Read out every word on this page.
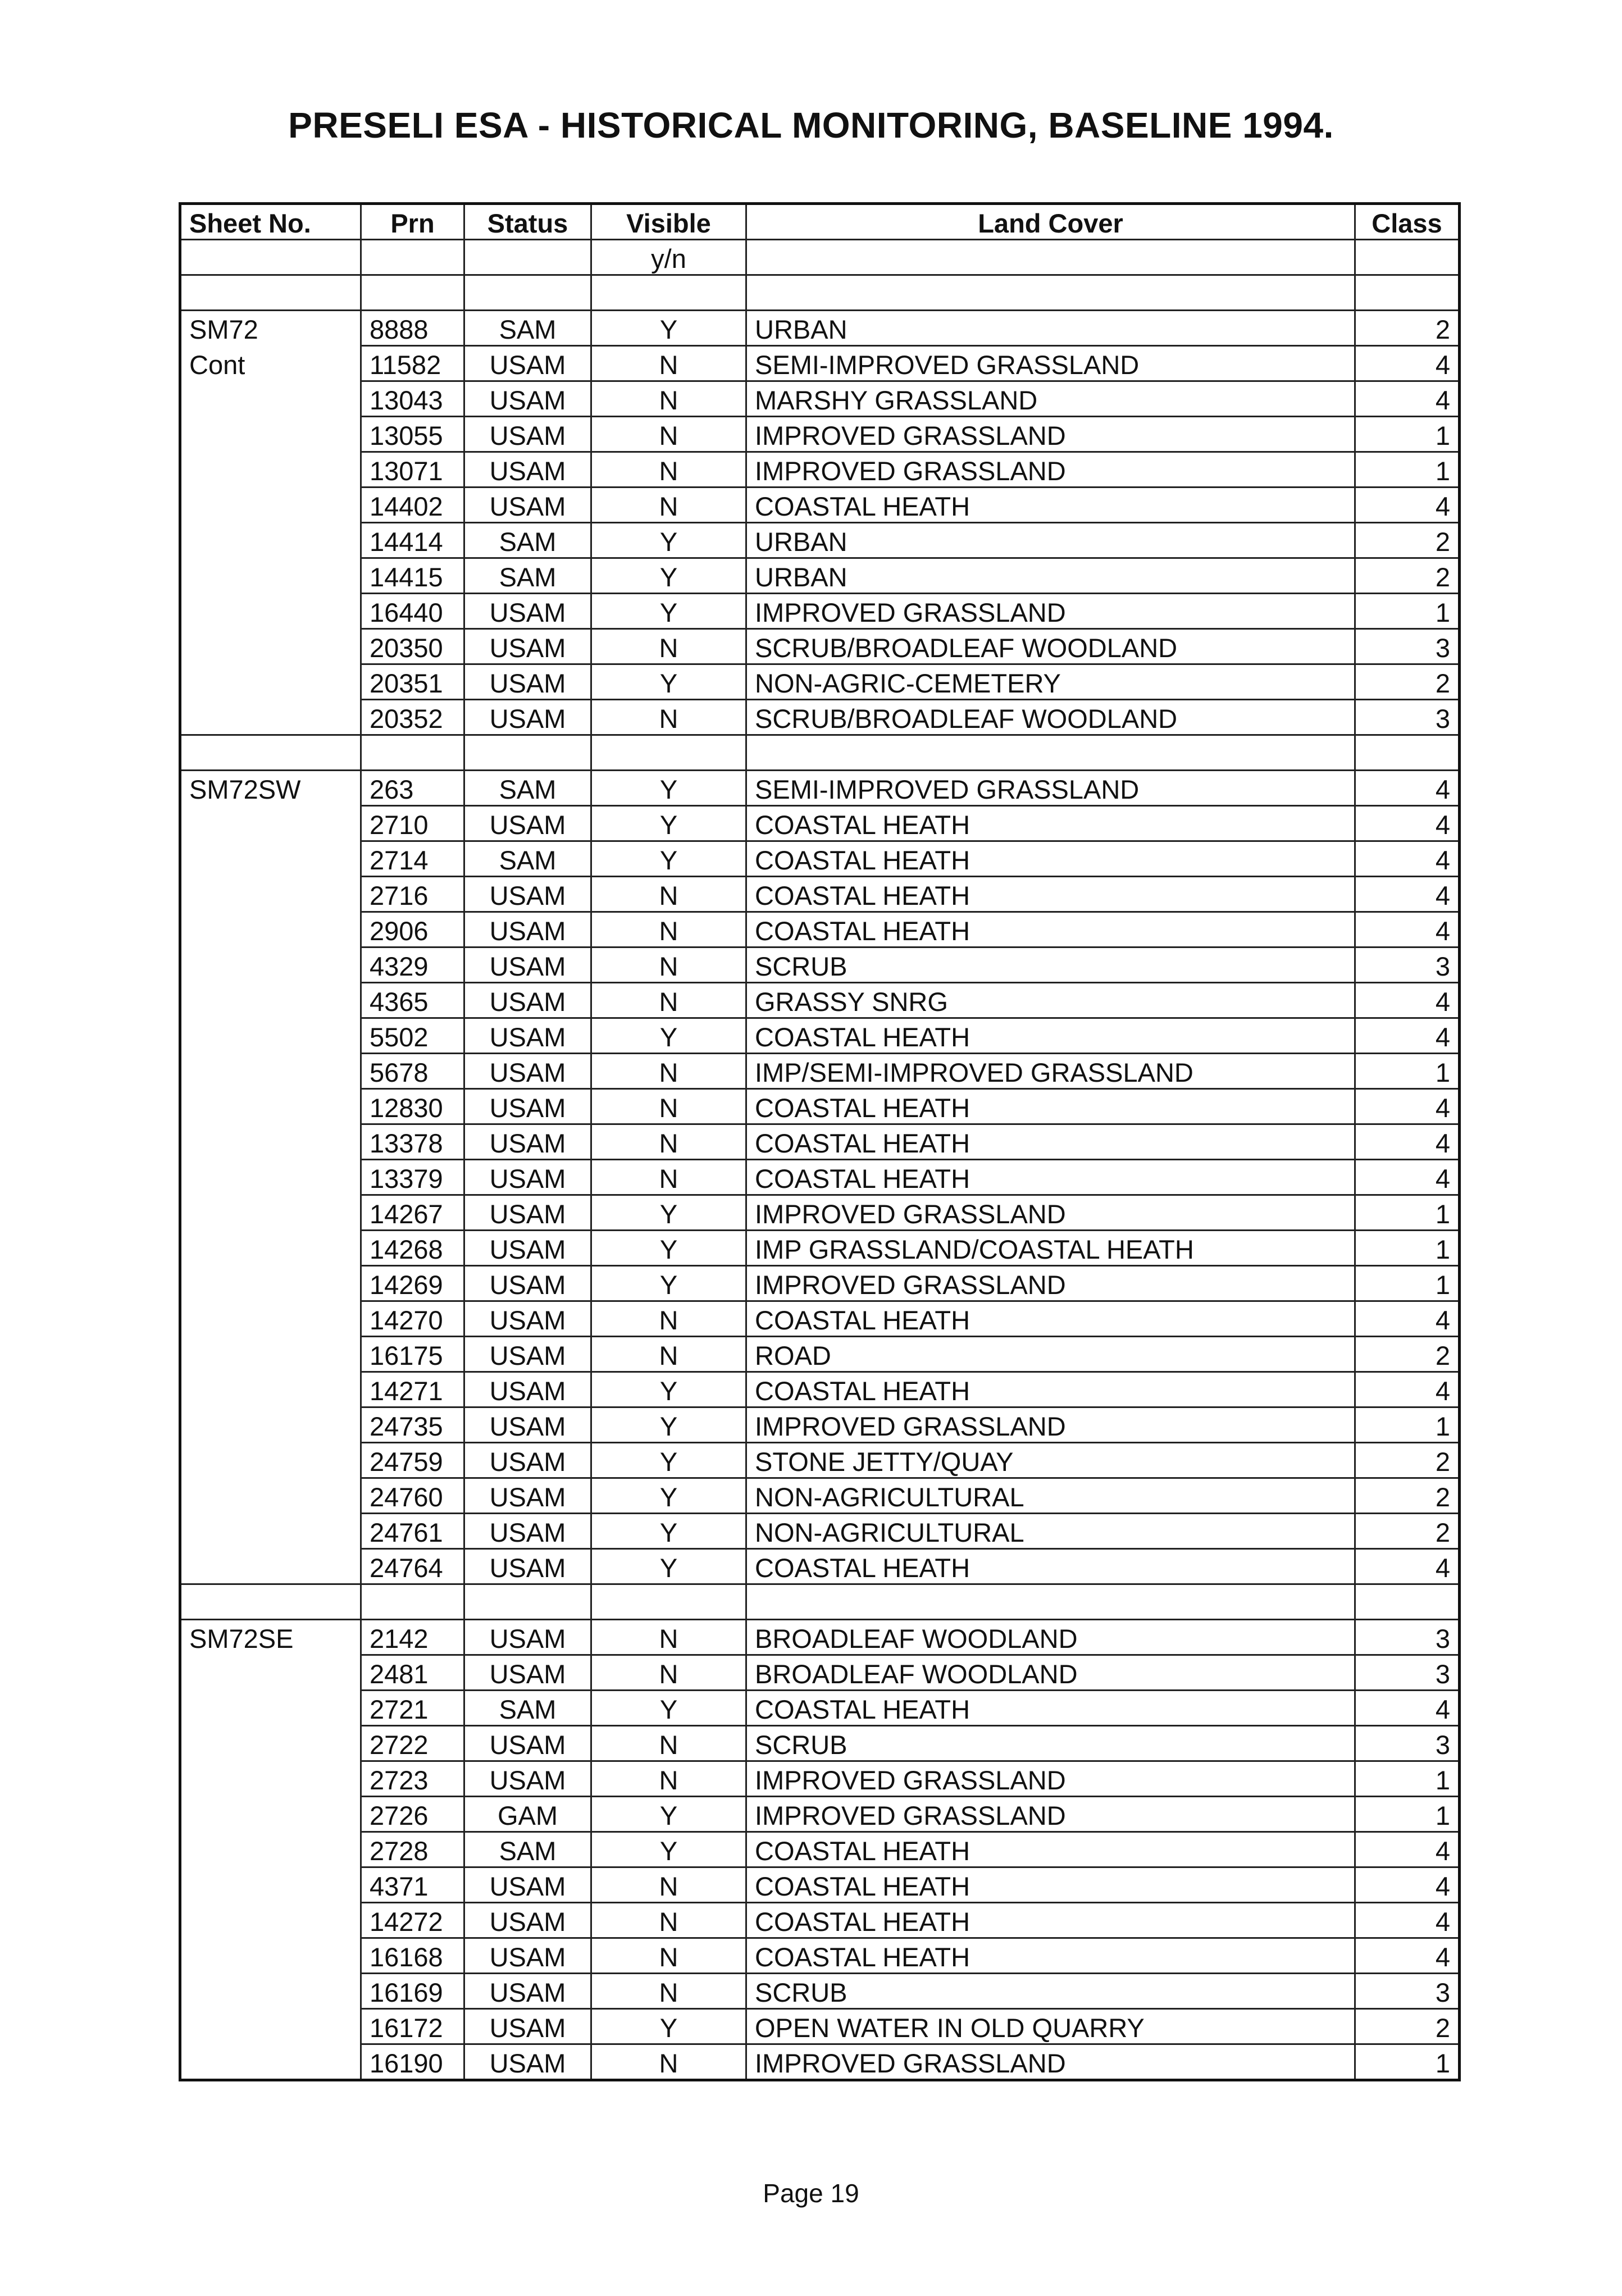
PRESELI ESA - HISTORICAL MONITORING, BASELINE 1994.
Sheet No.	Prn	Status	Visible	Land Cover	Class
			y/n		

SM72	8888	SAM	Y	URBAN	2
Cont	11582	USAM	N	SEMI-IMPROVED GRASSLAND	4
	13043	USAM	N	MARSHY GRASSLAND	4
	13055	USAM	N	IMPROVED GRASSLAND	1
	13071	USAM	N	IMPROVED GRASSLAND	1
	14402	USAM	N	COASTAL HEATH	4
	14414	SAM	Y	URBAN	2
	14415	SAM	Y	URBAN	2
	16440	USAM	Y	IMPROVED GRASSLAND	1
	20350	USAM	N	SCRUB/BROADLEAF WOODLAND	3
	20351	USAM	Y	NON-AGRIC-CEMETERY	2
	20352	USAM	N	SCRUB/BROADLEAF WOODLAND	3

SM72SW	263	SAM	Y	SEMI-IMPROVED GRASSLAND	4
	2710	USAM	Y	COASTAL HEATH	4
	2714	SAM	Y	COASTAL HEATH	4
	2716	USAM	N	COASTAL HEATH	4
	2906	USAM	N	COASTAL HEATH	4
	4329	USAM	N	SCRUB	3
	4365	USAM	N	GRASSY SNRG	4
	5502	USAM	Y	COASTAL HEATH	4
	5678	USAM	N	IMP/SEMI-IMPROVED GRASSLAND	1
	12830	USAM	N	COASTAL HEATH	4
	13378	USAM	N	COASTAL HEATH	4
	13379	USAM	N	COASTAL HEATH	4
	14267	USAM	Y	IMPROVED GRASSLAND	1
	14268	USAM	Y	IMP GRASSLAND/COASTAL HEATH	1
	14269	USAM	Y	IMPROVED GRASSLAND	1
	14270	USAM	N	COASTAL HEATH	4
	16175	USAM	N	ROAD	2
	14271	USAM	Y	COASTAL HEATH	4
	24735	USAM	Y	IMPROVED GRASSLAND	1
	24759	USAM	Y	STONE JETTY/QUAY	2
	24760	USAM	Y	NON-AGRICULTURAL	2
	24761	USAM	Y	NON-AGRICULTURAL	2
	24764	USAM	Y	COASTAL HEATH	4

SM72SE	2142	USAM	N	BROADLEAF WOODLAND	3
	2481	USAM	N	BROADLEAF WOODLAND	3
	2721	SAM	Y	COASTAL HEATH	4
	2722	USAM	N	SCRUB	3
	2723	USAM	N	IMPROVED GRASSLAND	1
	2726	GAM	Y	IMPROVED GRASSLAND	1
	2728	SAM	Y	COASTAL HEATH	4
	4371	USAM	N	COASTAL HEATH	4
	14272	USAM	N	COASTAL HEATH	4
	16168	USAM	N	COASTAL HEATH	4
	16169	USAM	N	SCRUB	3
	16172	USAM	Y	OPEN WATER IN OLD QUARRY	2
	16190	USAM	N	IMPROVED GRASSLAND	1
Page 19
